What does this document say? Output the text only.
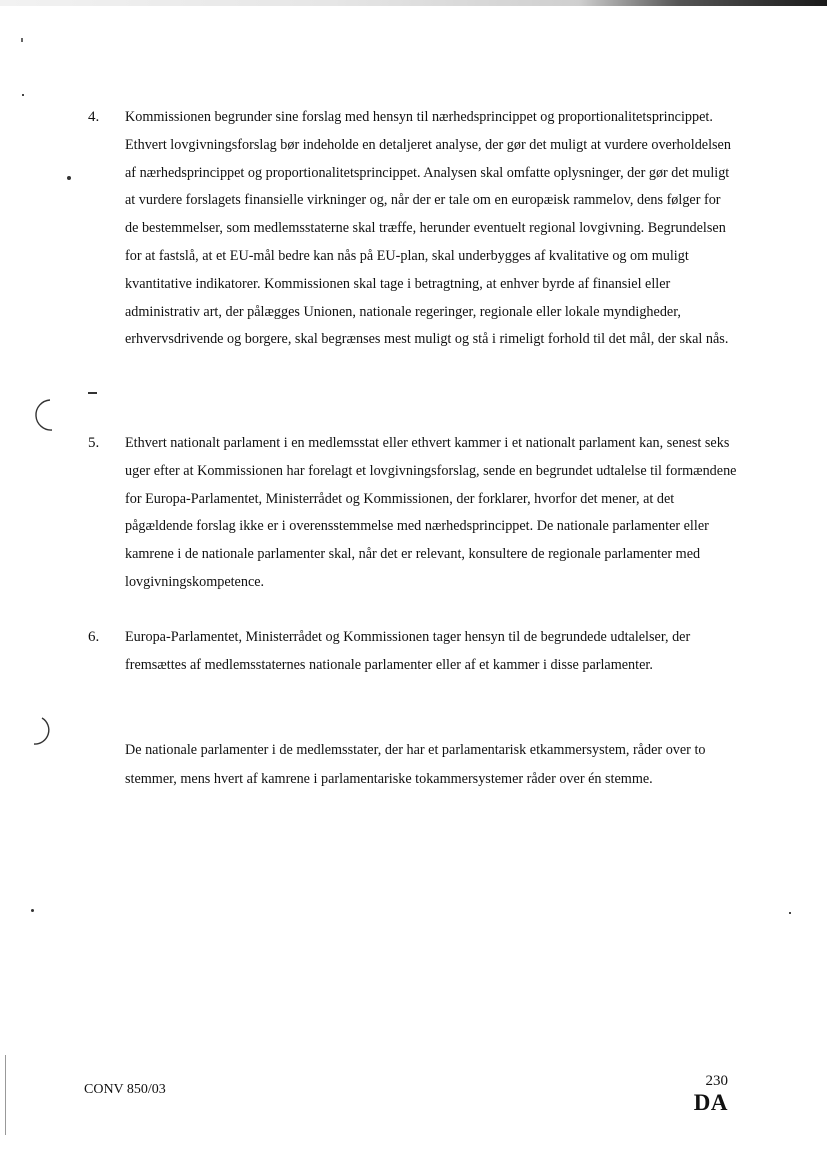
4. Kommissionen begrunder sine forslag med hensyn til nærhedsprincippet og proportionalitetsprincippet. Ethvert lovgivningsforslag bør indeholde en detaljeret analyse, der gør det muligt at vurdere overholdelsen af nærhedsprincippet og proportionalitetsprincippet. Analysen skal omfatte oplysninger, der gør det muligt at vurdere forslagets finansielle virkninger og, når der er tale om en europæisk rammelov, dens følger for de bestemmelser, som medlemsstaterne skal træffe, herunder eventuelt regional lovgivning. Begrundelsen for at fastslå, at et EU-mål bedre kan nås på EU-plan, skal underbygges af kvalitative og om muligt kvantitative indikatorer. Kommissionen skal tage i betragtning, at enhver byrde af finansiel eller administrativ art, der pålægges Unionen, nationale regeringer, regionale eller lokale myndigheder, erhvervsdrivende og borgere, skal begrænses mest muligt og stå i rimeligt forhold til det mål, der skal nås.
5. Ethvert nationalt parlament i en medlemsstat eller ethvert kammer i et nationalt parlament kan, senest seks uger efter at Kommissionen har forelagt et lovgivningsforslag, sende en begrundet udtalelse til formændene for Europa-Parlamentet, Ministerrådet og Kommissionen, der forklarer, hvorfor det mener, at det pågældende forslag ikke er i overensstemmelse med nærhedsprincippet. De nationale parlamenter eller kamrene i de nationale parlamenter skal, når det er relevant, konsultere de regionale parlamenter med lovgivningskompetence.
6. Europa-Parlamentet, Ministerrådet og Kommissionen tager hensyn til de begrundede udtalelser, der fremsættes af medlemsstaternes nationale parlamenter eller af et kammer i disse parlamenter.
De nationale parlamenter i de medlemsstater, der har et parlamentarisk etkammersystem, råder over to stemmer, mens hvert af kamrene i parlamentariske tokammersystemer råder over én stemme.
CONV 850/03
230
DA
